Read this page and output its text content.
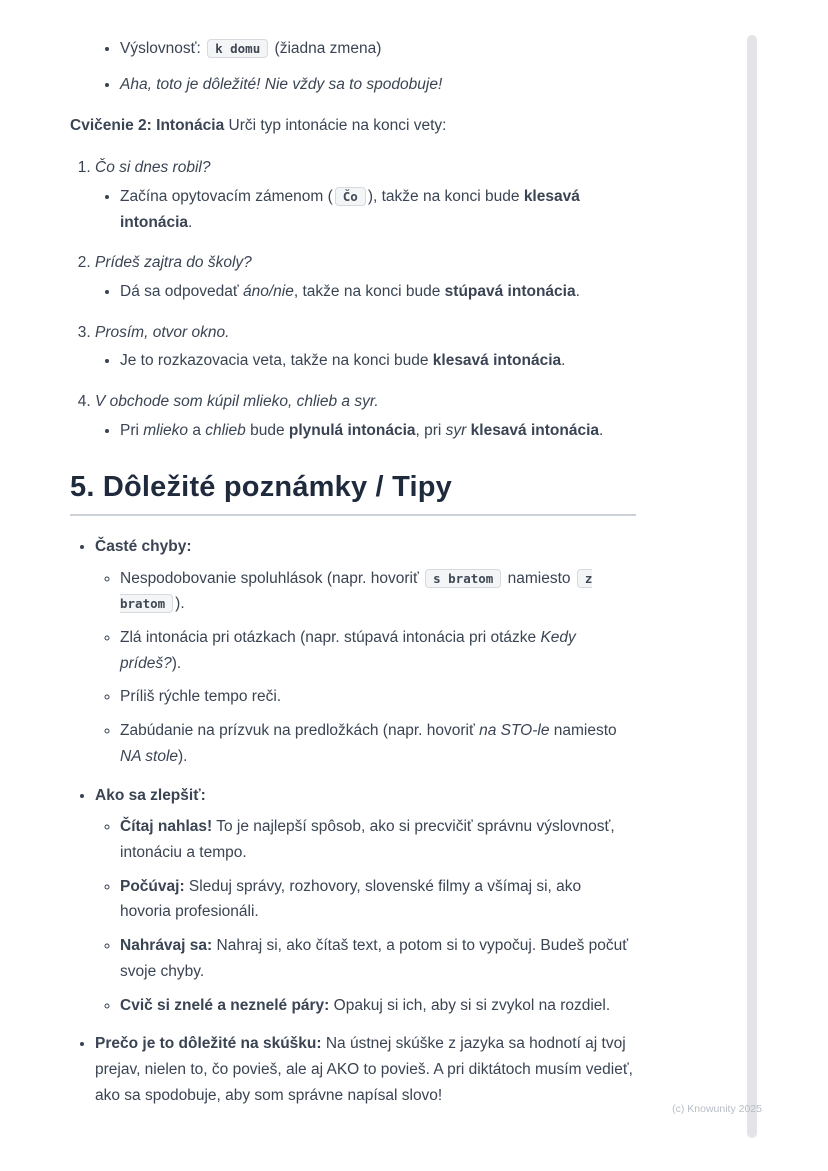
• Výslovnosť: k domu (žiadna zmena)

• Aha, toto je dôležité! Nie vždy sa to spodobuje!

Cvičenie 2: Intonácia Urči typ intonácie na konci vety:

1. Čo si dnes robil?

• Začína opytovacím zámenom ( Čo ), takže na konci bude klesavá intonácia.

2. Prídeš zajtra do školy?

• Dá sa odpovedať áno/nie, takže na konci bude stúpavá intonácia.

3. Prosím, otvor okno.

• Je to rozkazovacia veta, takže na konci bude klesavá intonácia.

4. V obchode som kúpil mlieko, chlieb a syr.

• Pri mlieko a chlieb bude plynulá intonácia, pri syr klesavá intonácia.

5. Dôležité poznámky / Tipy

• Časté chyby:

◦ Nespodobovanie spoluhlások (napr. hovoriť s bratom namiesto z bratom ).

◦ Zlá intonácia pri otázkach (napr. stúpavá intonácia pri otázke Kedy prídeš?).

◦ Príliš rýchle tempo reči.

◦ Zabúdanie na prízvuk na predložkách (napr. hovoriť na STO-le namiesto NA stole).

• Ako sa zlepšiť:

◦ Čítaj nahlas! To je najlepší spôsob, ako si precvičiť správnu výslovnosť, intonáciu a tempo.

◦ Počúvaj: Sleduj správy, rozhovory, slovenské filmy a všímaj si, ako hovoria profesionáli.

◦ Nahrávaj sa: Nahraj si, ako čítaš text, a potom si to vypočuj. Budeš počuť svoje chyby.

◦ Cvič si znelé a neznelé páry: Opakuj si ich, aby si si zvykol na rozdiel.

• Prečo je to dôležité na skúšku: Na ústnej skúške z jazyka sa hodnotí aj tvoj prejav, nielen to, čo povieš, ale aj AKO to povieš. A pri diktátoch musím vedieť, ako sa spodobuje, aby som správne napísal slovo!

(c) Knowunity 2025
